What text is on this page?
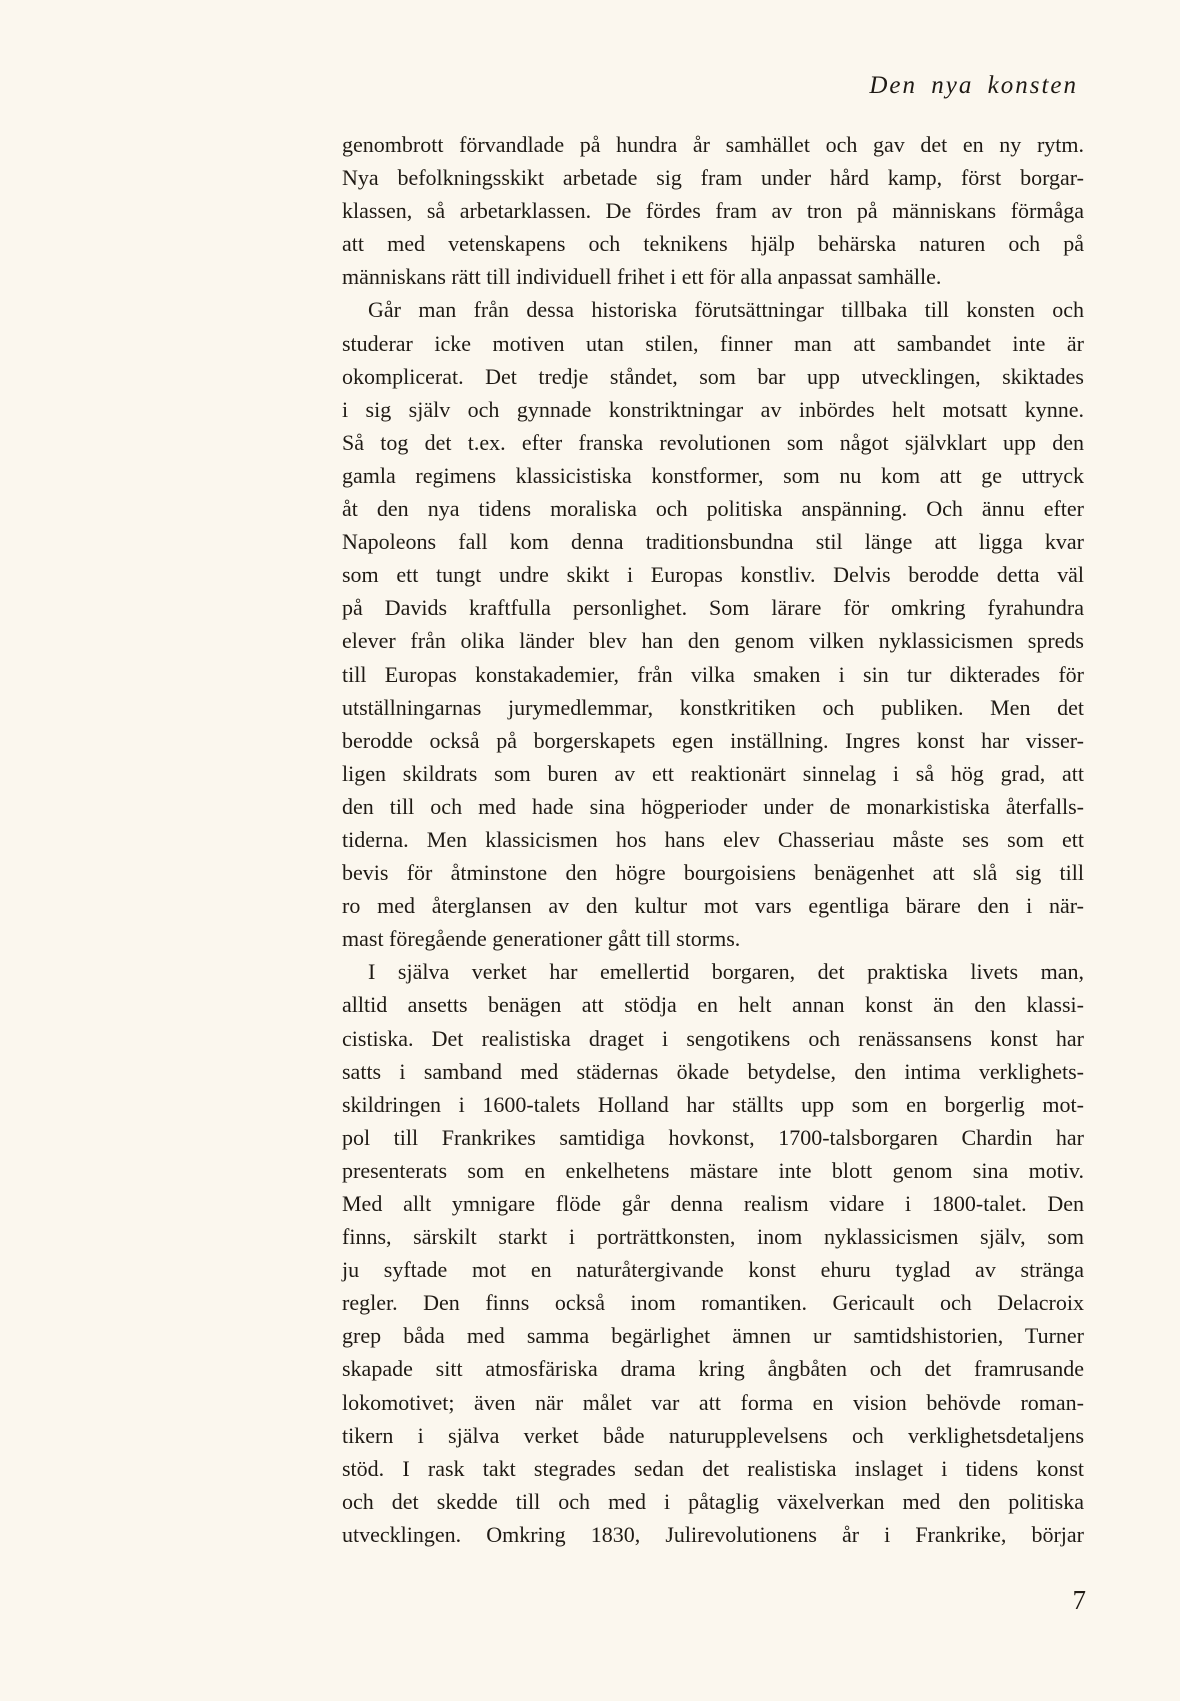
Den nya konsten
genombrott förvandlade på hundra år samhället och gav det en ny rytm.
Nya befolkningsskikt arbetade sig fram under hård kamp, först borgar-
klassen, så arbetarklassen. De fördes fram av tron på människans förmåga
att med vetenskapens och teknikens hjälp behärska naturen och på
människans rätt till individuell frihet i ett för alla anpassat samhälle.
Går man från dessa historiska förutsättningar tillbaka till konsten och
studerar icke motiven utan stilen, finner man att sambandet inte är
okomplicerat. Det tredje ståndet, som bar upp utvecklingen, skiktades
i sig själv och gynnade konstriktningar av inbördes helt motsatt kynne.
Så tog det t.ex. efter franska revolutionen som något självklart upp den
gamla regimens klassicistiska konstformer, som nu kom att ge uttryck
åt den nya tidens moraliska och politiska anspänning. Och ännu efter
Napoleons fall kom denna traditionsbundna stil länge att ligga kvar
som ett tungt undre skikt i Europas konstliv. Delvis berodde detta väl
på Davids kraftfulla personlighet. Som lärare för omkring fyrahundra
elever från olika länder blev han den genom vilken nyklassicismen spreds
till Europas konstakademier, från vilka smaken i sin tur dikterades för
utställningarnas jurymedlemmar, konstkritiken och publiken. Men det
berodde också på borgerskapets egen inställning. Ingres konst har visser-
ligen skildrats som buren av ett reaktionärt sinnelag i så hög grad, att
den till och med hade sina högperioder under de monarkistiska återfalls-
tiderna. Men klassicismen hos hans elev Chasseriau måste ses som ett
bevis för åtminstone den högre bourgoisiens benägenhet att slå sig till
ro med återglansen av den kultur mot vars egentliga bärare den i när-
mast föregående generationer gått till storms.
I själva verket har emellertid borgaren, det praktiska livets man,
alltid ansetts benägen att stödja en helt annan konst än den klassi-
cistiska. Det realistiska draget i sengotikens och renässansens konst har
satts i samband med städernas ökade betydelse, den intima verklighets-
skildringen i 1600-talets Holland har ställts upp som en borgerlig mot-
pol till Frankrikes samtidiga hovkonst, 1700-talsborgaren Chardin har
presenterats som en enkelhetens mästare inte blott genom sina motiv.
Med allt ymnigare flöde går denna realism vidare i 1800-talet. Den
finns, särskilt starkt i porträttkonsten, inom nyklassicismen själv, som
ju syftade mot en naturåtergivande konst ehuru tyglad av stränga
regler. Den finns också inom romantiken. Gericault och Delacroix
grep båda med samma begärlighet ämnen ur samtidshistorien, Turner
skapade sitt atmosfäriska drama kring ångbåten och det framrusande
lokomotivet; även när målet var att forma en vision behövde roman-
tikern i själva verket både naturupplevelsens och verklighetsdetaljens
stöd. I rask takt stegrades sedan det realistiska inslaget i tidens konst
och det skedde till och med i påtaglig växelverkan med den politiska
utvecklingen. Omkring 1830, Julirevolutionens år i Frankrike, börjar
7
